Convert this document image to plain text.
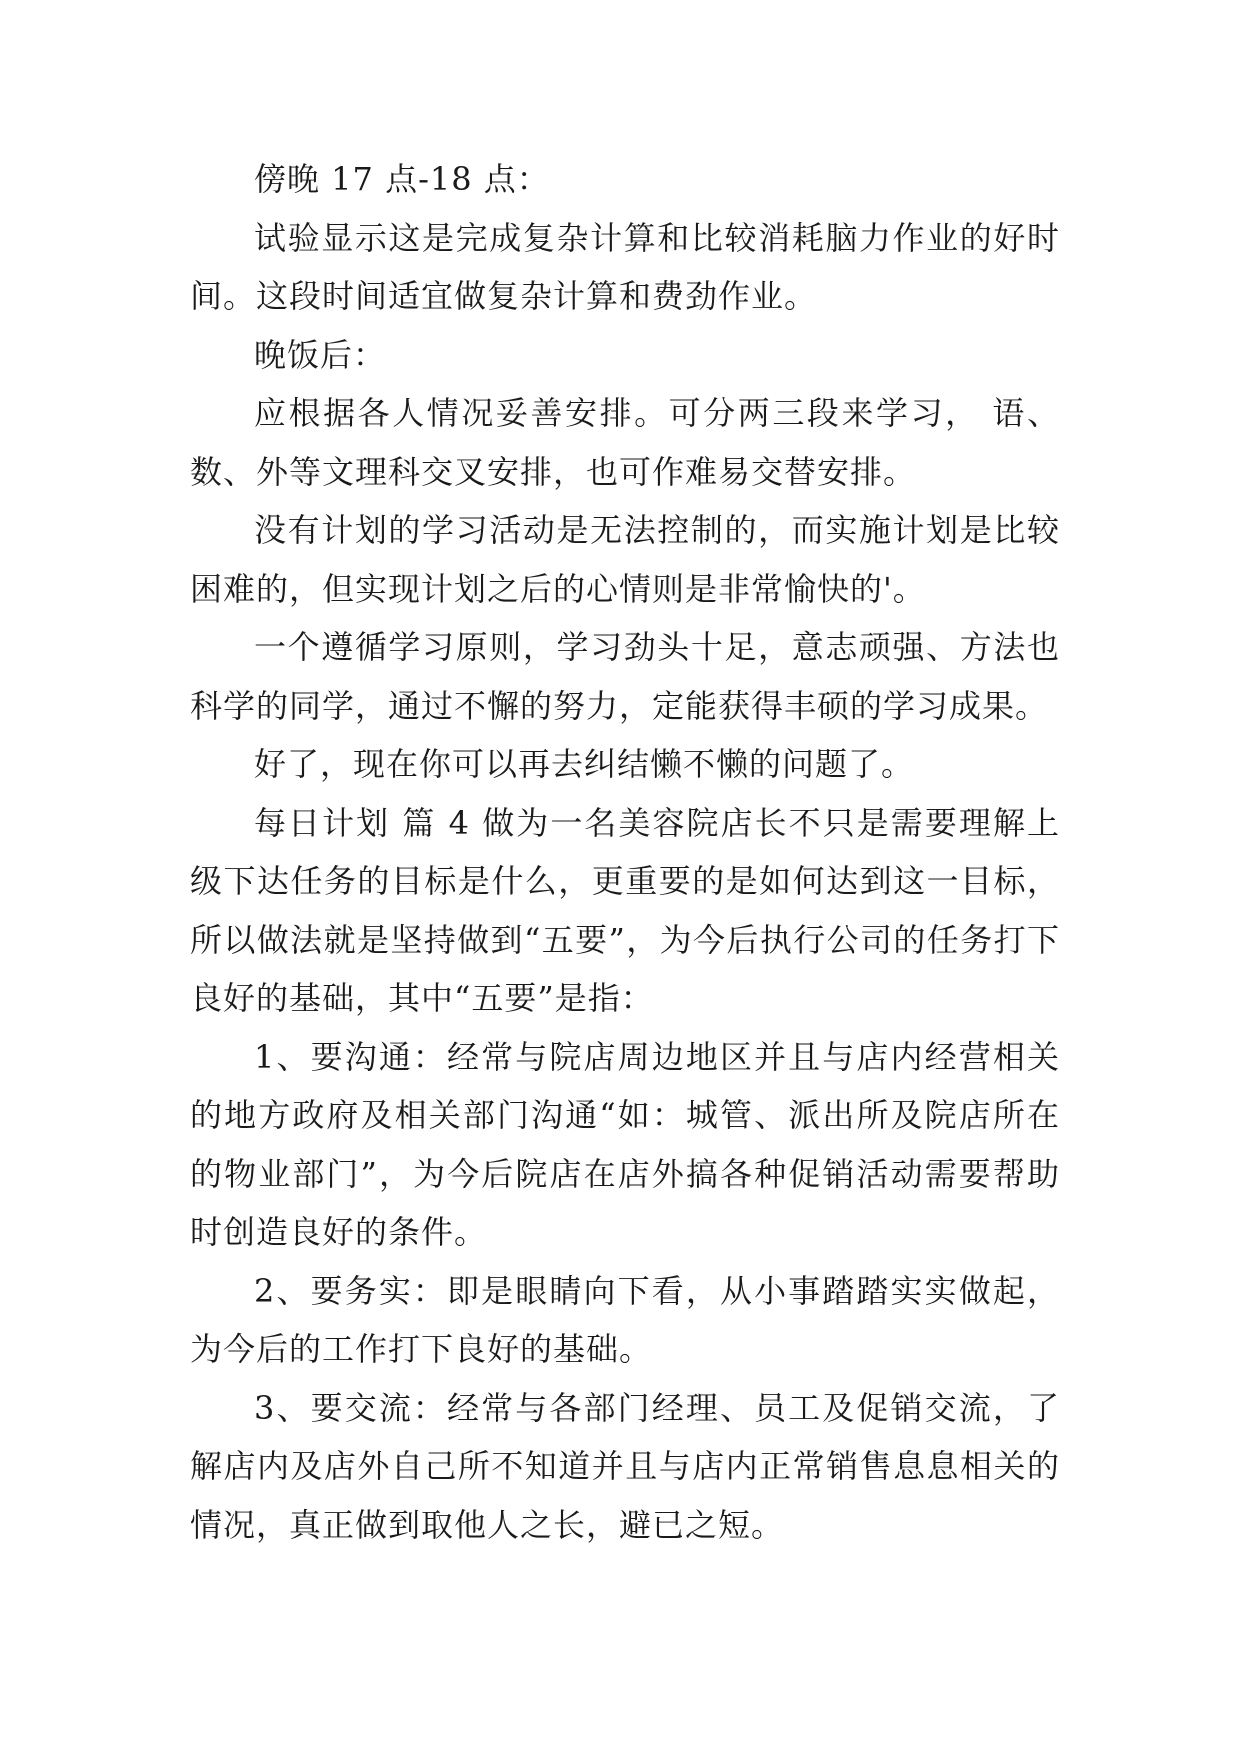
傍晚 17 点-18 点：

试验显示这是完成复杂计算和比较消耗脑力作业的好时间。这段时间适宜做复杂计算和费劲作业。

晚饭后：

应根据各人情况妥善安排。可分两三段来学习， 语、数、外等文理科交叉安排，也可作难易交替安排。

没有计划的学习活动是无法控制的，而实施计划是比较困难的，但实现计划之后的心情则是非常愉快的'。

一个遵循学习原则，学习劲头十足，意志顽强、方法也科学的同学，通过不懈的努力，定能获得丰硕的学习成果。

好了，现在你可以再去纠结懒不懒的问题了。

每日计划 篇 4 做为一名美容院店长不只是需要理解上级下达任务的目标是什么，更重要的是如何达到这一目标，所以做法就是坚持做到“五要”，为今后执行公司的任务打下良好的基础，其中“五要”是指：

1、要沟通：经常与院店周边地区并且与店内经营相关的地方政府及相关部门沟通“如：城管、派出所及院店所在的物业部门”，为今后院店在店外搞各种促销活动需要帮助时创造良好的条件。

2、要务实：即是眼睛向下看，从小事踏踏实实做起，为今后的工作打下良好的基础。

3、要交流：经常与各部门经理、员工及促销交流，了解店内及店外自己所不知道并且与店内正常销售息息相关的情况，真正做到取他人之长，避已之短。
